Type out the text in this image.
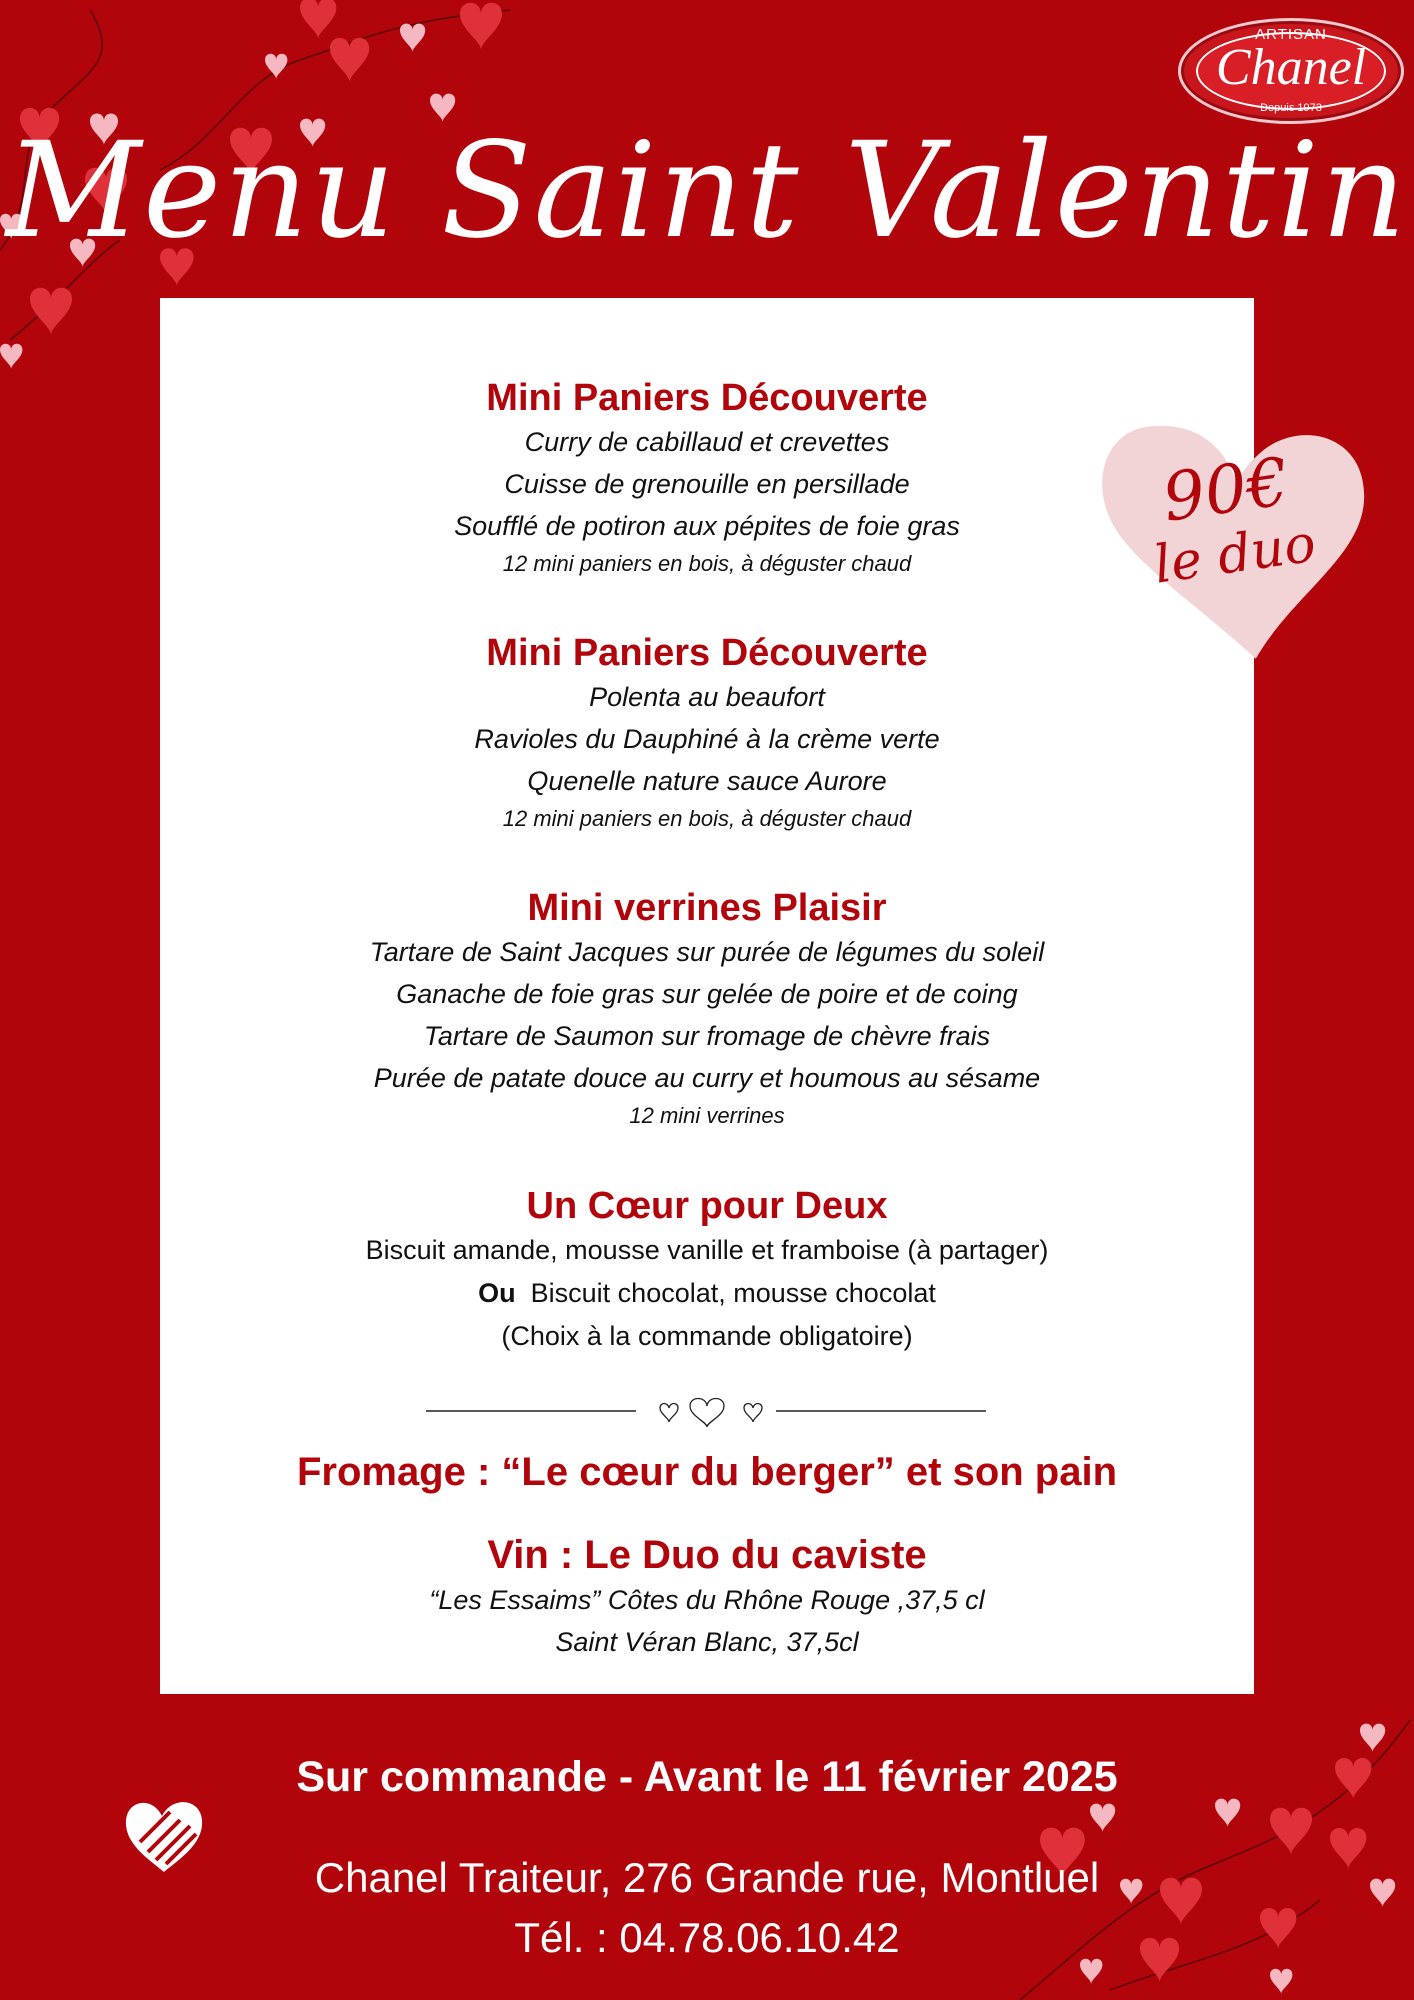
ARTISAN
Chanel
Depuis 1973
Menu Saint Valentin
90€
le duo
Mini Paniers Découverte
Curry de cabillaud et crevettes
Cuisse de grenouille en persillade
Soufflé de potiron aux pépites de foie gras
12 mini paniers en bois, à déguster chaud
Mini Paniers Découverte
Polenta au beaufort
Ravioles du Dauphiné à la crème verte
Quenelle nature sauce Aurore
12 mini paniers en bois, à déguster chaud
Mini verrines Plaisir
Tartare de Saint Jacques sur purée de légumes du soleil
Ganache de foie gras sur gelée de poire et de coing
Tartare de Saumon sur fromage de chèvre frais
Purée de patate douce au curry et houmous au sésame
12 mini verrines
Un Cœur pour Deux
Biscuit amande, mousse vanille et framboise (à partager)
Ou Biscuit chocolat, mousse chocolat
(Choix à la commande obligatoire)
Fromage : “Le cœur du berger” et son pain
Vin : Le Duo du caviste
“Les Essaims” Côtes du Rhône Rouge ,37,5 cl
Saint Véran Blanc, 37,5cl
Sur commande - Avant le 11 février 2025
Chanel Traiteur, 276 Grande rue, Montluel
Tél. : 04.78.06.10.42
